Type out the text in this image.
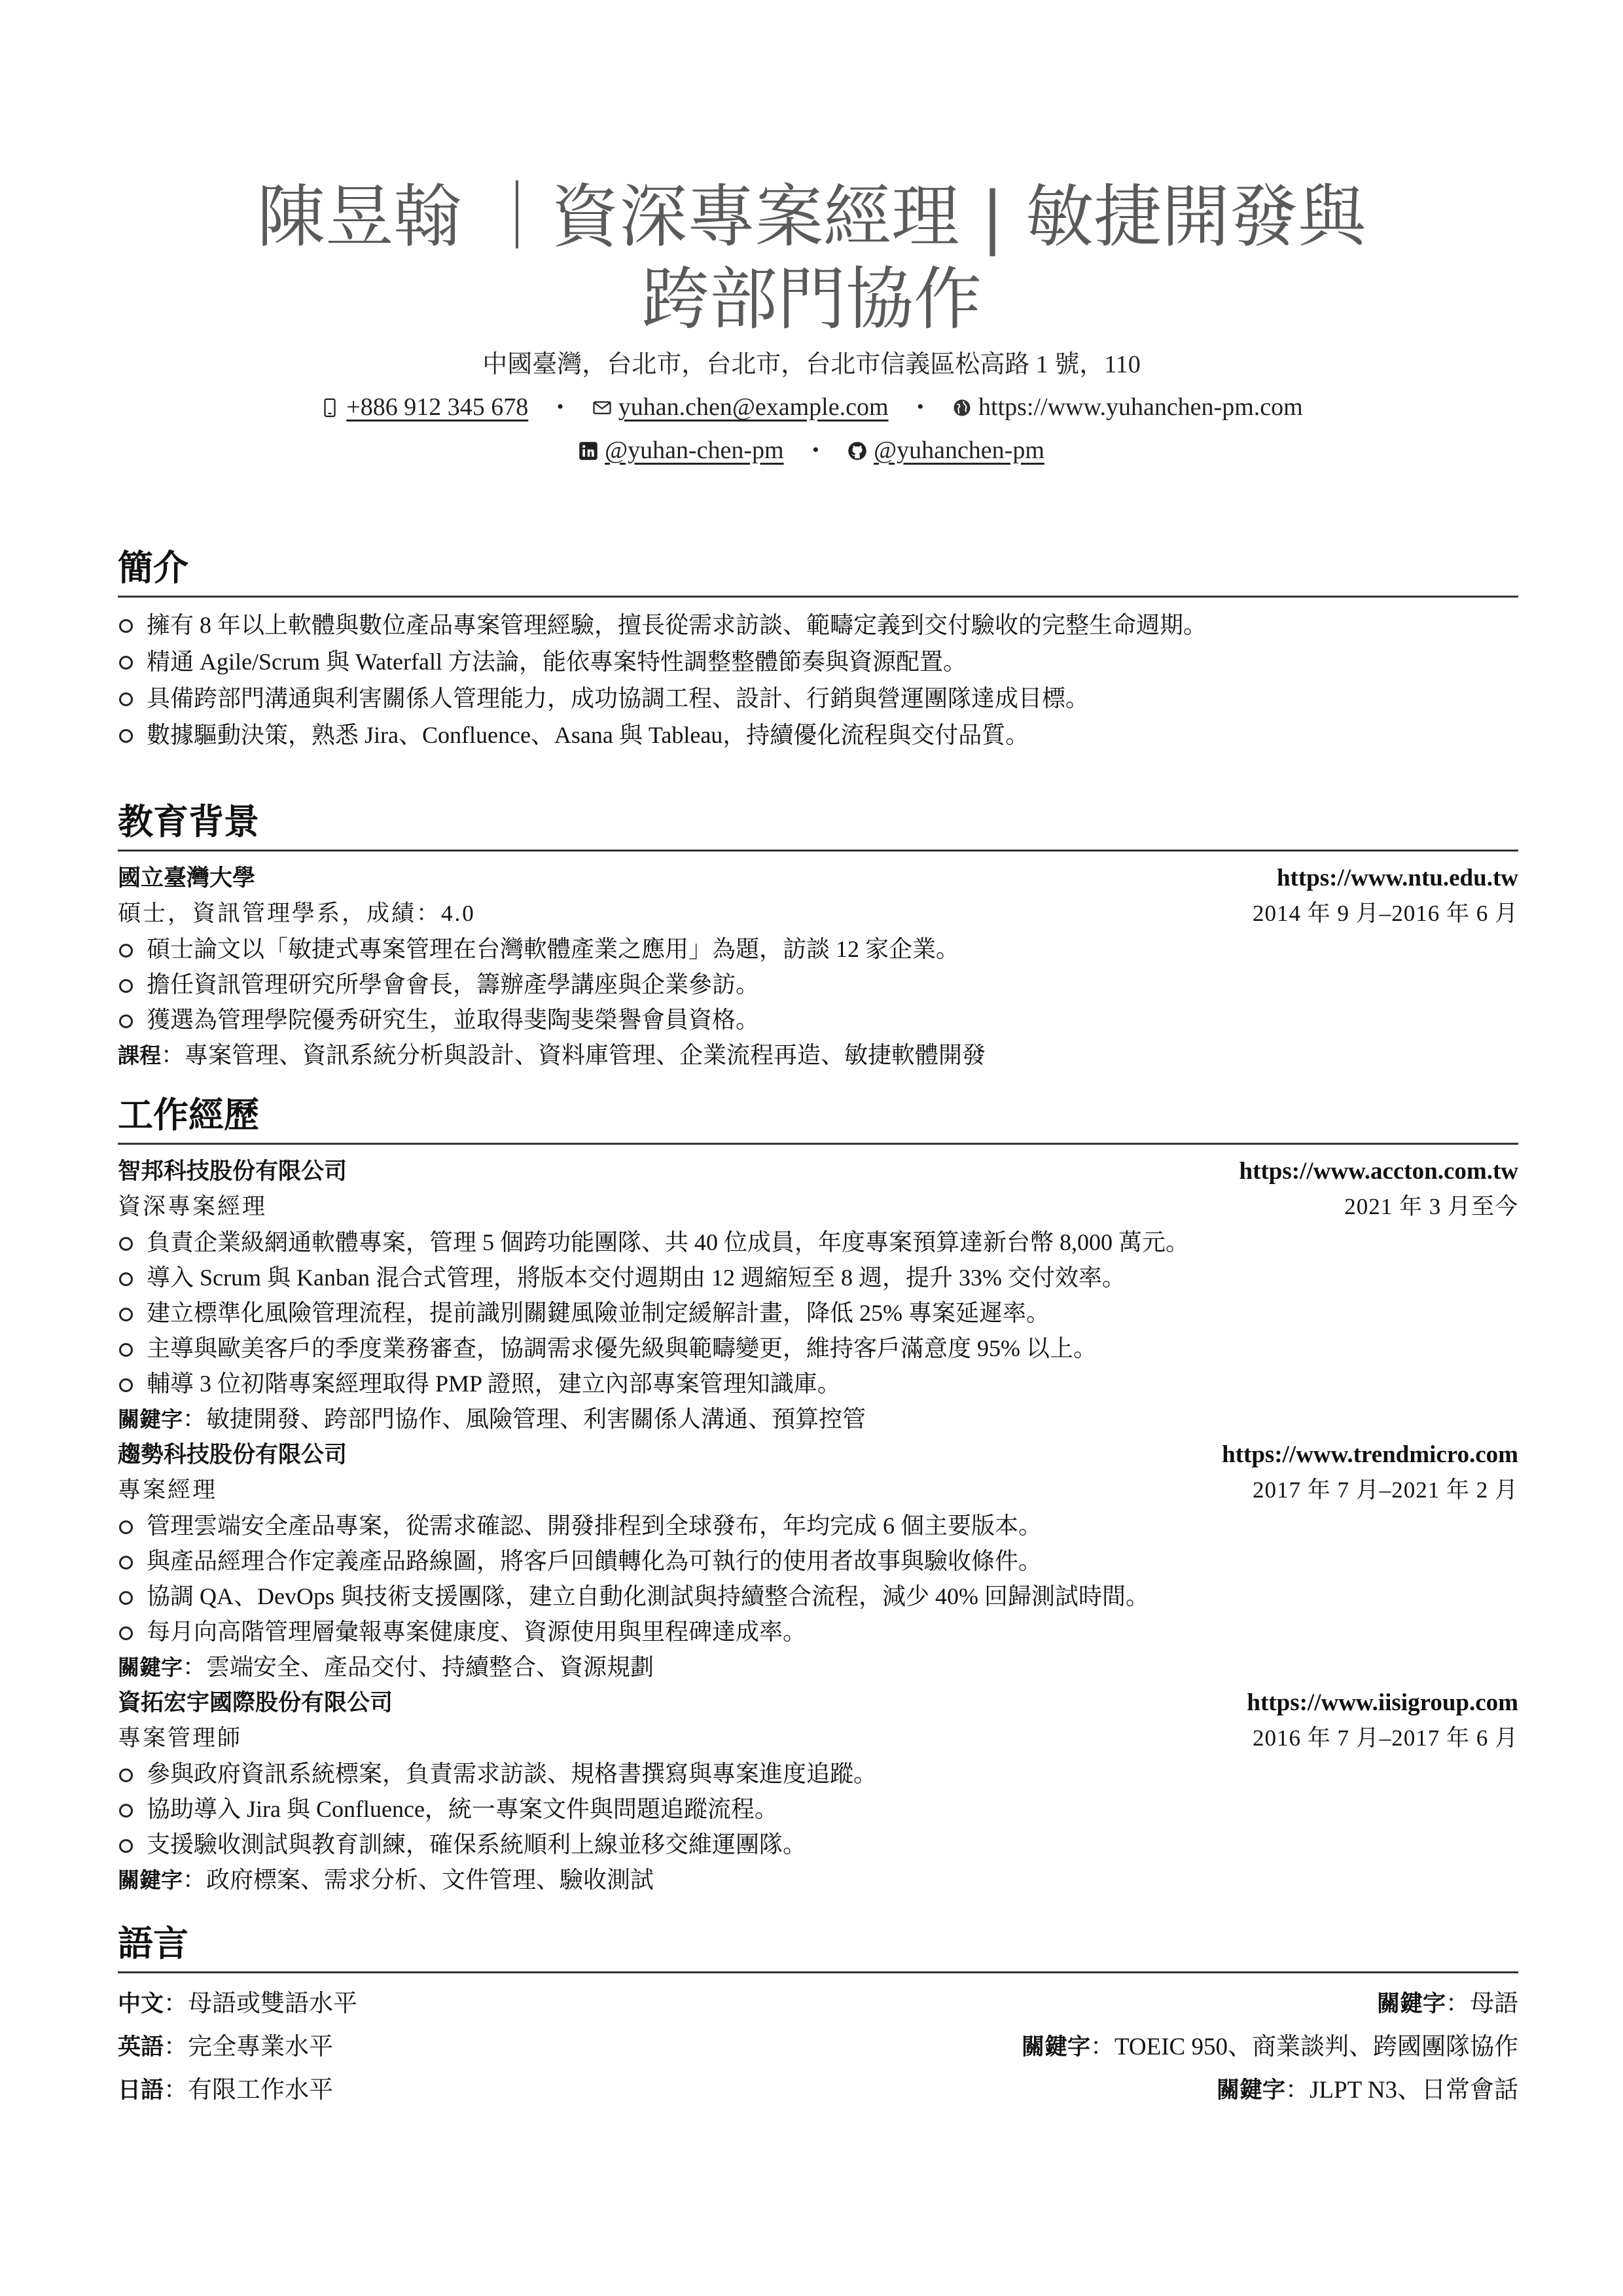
陳昱翰 ｜資深專案經理 | 敏捷開發與
跨部門協作
中國臺灣，台北市，台北市，台北市信義區松高路 1 號，110
+886 912 345 678 • yuhan.chen@example.com • https://www.yuhanchen-pm.com
@yuhan-chen-pm • @yuhanchen-pm
簡介
擁有 8 年以上軟體與數位產品專案管理經驗，擅長從需求訪談、範疇定義到交付驗收的完整生命週期。
精通 Agile/Scrum 與 Waterfall 方法論，能依專案特性調整整體節奏與資源配置。
具備跨部門溝通與利害關係人管理能力，成功協調工程、設計、行銷與營運團隊達成目標。
數據驅動決策，熟悉 Jira、Confluence、Asana 與 Tableau，持續優化流程與交付品質。
教育背景
國立臺灣大學	https://www.ntu.edu.tw
碩士，資訊管理學系，成績：4.0	2014 年 9 月–2016 年 6 月
碩士論文以「敏捷式專案管理在台灣軟體產業之應用」為題，訪談 12 家企業。
擔任資訊管理研究所學會會長，籌辦產學講座與企業參訪。
獲選為管理學院優秀研究生，並取得斐陶斐榮譽會員資格。
課程：專案管理、資訊系統分析與設計、資料庫管理、企業流程再造、敏捷軟體開發
工作經歷
智邦科技股份有限公司	https://www.accton.com.tw
資深專案經理	2021 年 3 月至今
負責企業級網通軟體專案，管理 5 個跨功能團隊、共 40 位成員，年度專案預算達新台幣 8,000 萬元。
導入 Scrum 與 Kanban 混合式管理，將版本交付週期由 12 週縮短至 8 週，提升 33% 交付效率。
建立標準化風險管理流程，提前識別關鍵風險並制定緩解計畫，降低 25% 專案延遲率。
主導與歐美客戶的季度業務審查，協調需求優先級與範疇變更，維持客戶滿意度 95% 以上。
輔導 3 位初階專案經理取得 PMP 證照，建立內部專案管理知識庫。
關鍵字：敏捷開發、跨部門協作、風險管理、利害關係人溝通、預算控管
趨勢科技股份有限公司	https://www.trendmicro.com
專案經理	2017 年 7 月–2021 年 2 月
管理雲端安全產品專案，從需求確認、開發排程到全球發布，年均完成 6 個主要版本。
與產品經理合作定義產品路線圖，將客戶回饋轉化為可執行的使用者故事與驗收條件。
協調 QA、DevOps 與技術支援團隊，建立自動化測試與持續整合流程，減少 40% 回歸測試時間。
每月向高階管理層彙報專案健康度、資源使用與里程碑達成率。
關鍵字：雲端安全、產品交付、持續整合、資源規劃
資拓宏宇國際股份有限公司	https://www.iisigroup.com
專案管理師	2016 年 7 月–2017 年 6 月
參與政府資訊系統標案，負責需求訪談、規格書撰寫與專案進度追蹤。
協助導入 Jira 與 Confluence，統一專案文件與問題追蹤流程。
支援驗收測試與教育訓練，確保系統順利上線並移交維運團隊。
關鍵字：政府標案、需求分析、文件管理、驗收測試
語言
中文：母語或雙語水平	關鍵字：母語
英語：完全專業水平	關鍵字：TOEIC 950、商業談判、跨國團隊協作
日語：有限工作水平	關鍵字：JLPT N3、日常會話
